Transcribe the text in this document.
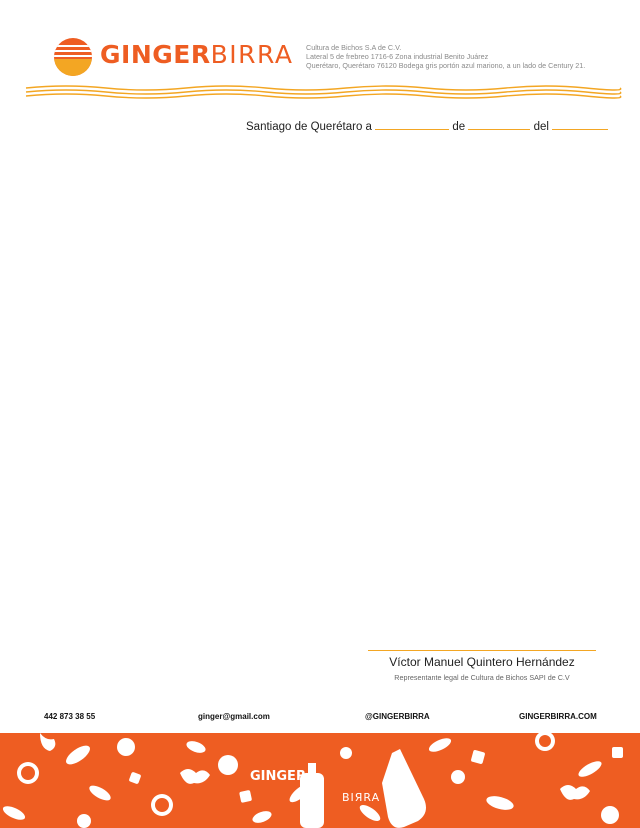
GINGERBIRRA Cultura de Bichos S.A de C.V.
Lateral 5 de frebreo 1716-6 Zona industrial Benito Juárez
Querétaro, Querétaro 76120 Bodega gris portón azul mariono, a un lado de Century 21.
Santiago de Querétaro a	de	del
Víctor Manuel Quintero Hernández
Representante legal de Cultura de Bichos SAPI de C.V
442 873 38 55	ginger@gmail.com	@GINGERBIRRA	GINGERBIRRA.COM
GINGER
BIЯRA
